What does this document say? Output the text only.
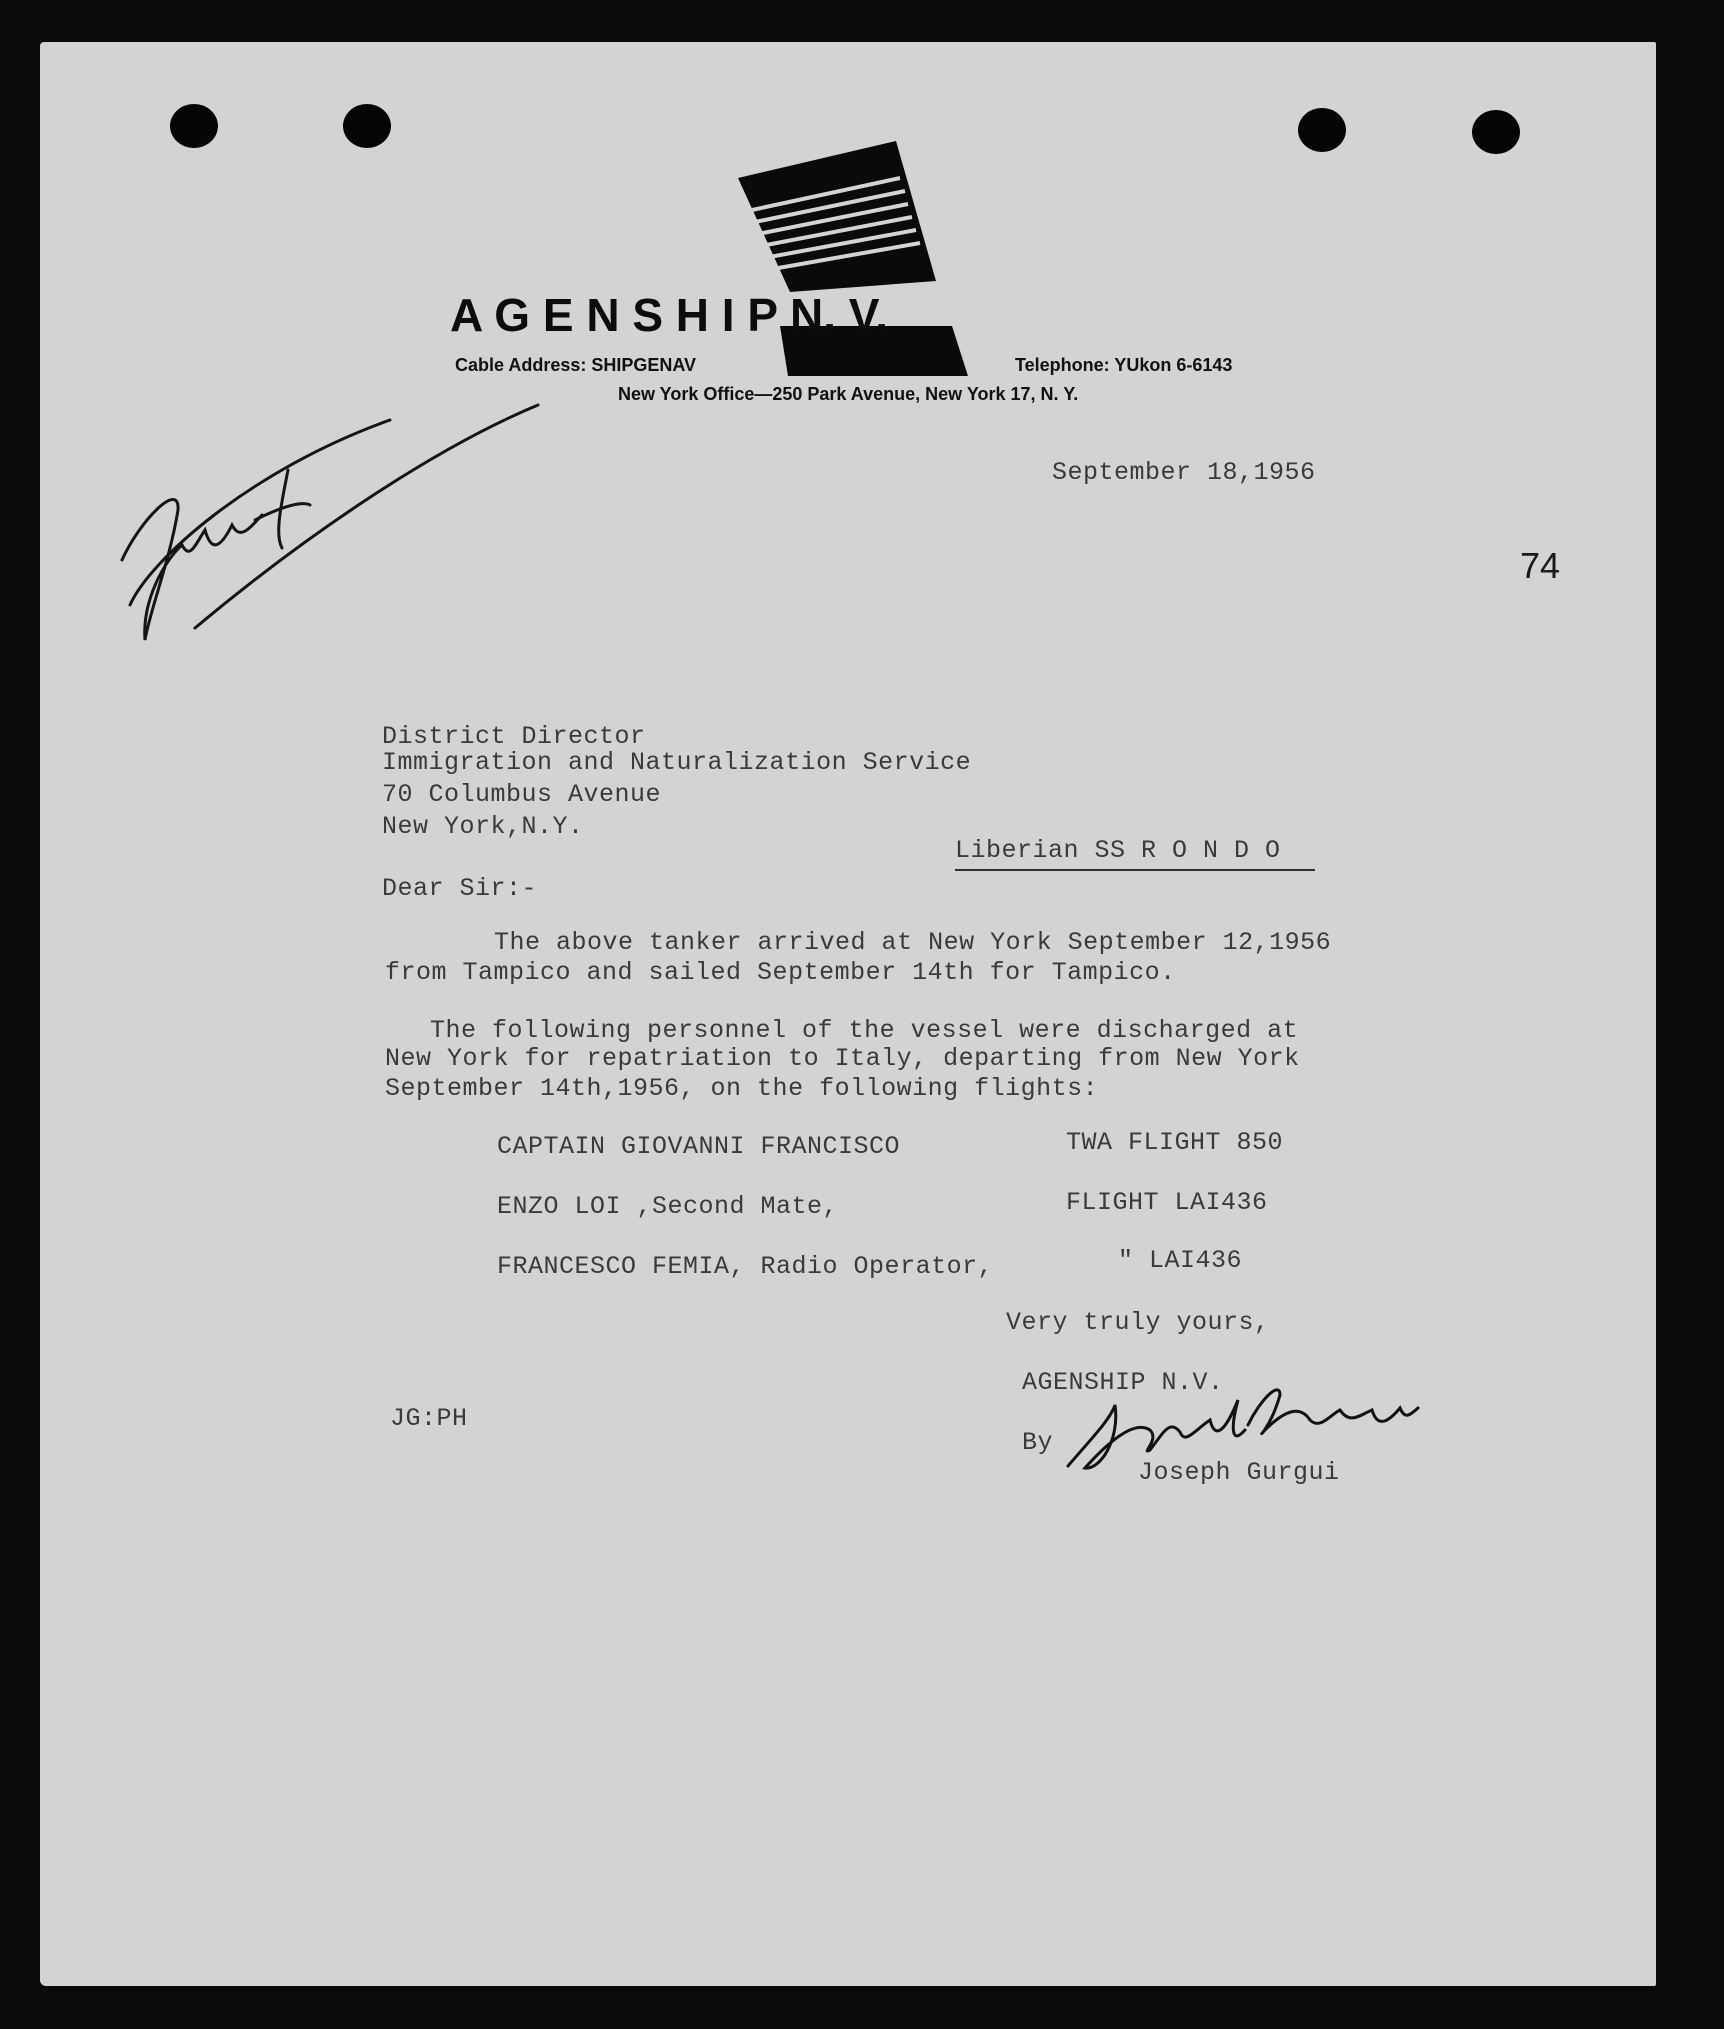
A G E N S H I P N. V.
Cable Address: SHIPGENAV	Telephone: YUkon 6-6143
New York Office—250 Park Avenue, New York 17, N. Y.
September 18,1956
74
District Director
Immigration and Naturalization Service
70 Columbus Avenue
New York,N.Y.
Liberian SS R O N D O
Dear Sir:-
The above tanker arrived at New York September 12,1956
from Tampico and sailed September 14th for Tampico.
The following personnel of the vessel were discharged at
New York for repatriation to Italy, departing from New York
September 14th,1956, on the following flights:
CAPTAIN GIOVANNI FRANCISCO	TWA FLIGHT 850
ENZO LOI ,Second Mate,	FLIGHT LAI436
FRANCESCO FEMIA, Radio Operator,	" LAI436
Very truly yours,
AGENSHIP N.V.
By
Joseph Gurgui
JG:PH
